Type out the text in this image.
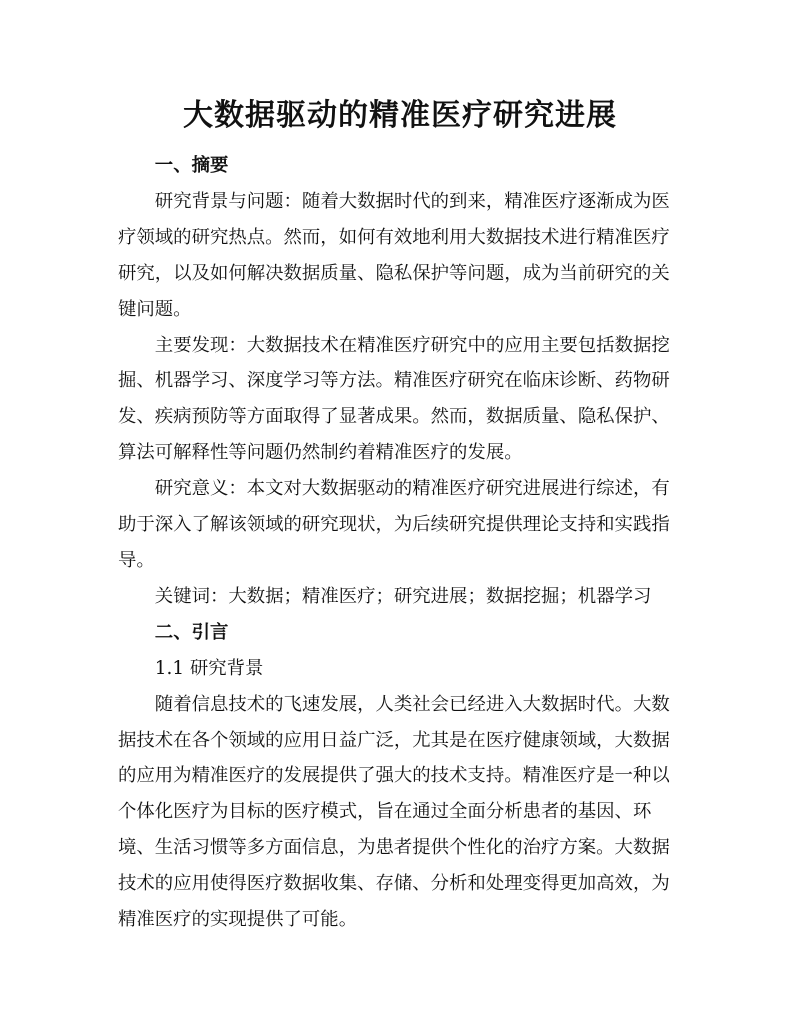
大数据驱动的精准医疗研究进展

一、摘要

研究背景与问题：随着大数据时代的到来，精准医疗逐渐成为医疗领域的研究热点。然而，如何有效地利用大数据技术进行精准医疗研究，以及如何解决数据质量、隐私保护等问题，成为当前研究的关键问题。

主要发现：大数据技术在精准医疗研究中的应用主要包括数据挖掘、机器学习、深度学习等方法。精准医疗研究在临床诊断、药物研发、疾病预防等方面取得了显著成果。然而，数据质量、隐私保护、算法可解释性等问题仍然制约着精准医疗的发展。

研究意义：本文对大数据驱动的精准医疗研究进展进行综述，有助于深入了解该领域的研究现状，为后续研究提供理论支持和实践指导。

关键词：大数据；精准医疗；研究进展；数据挖掘；机器学习

二、引言

1.1 研究背景

随着信息技术的飞速发展，人类社会已经进入大数据时代。大数据技术在各个领域的应用日益广泛，尤其是在医疗健康领域，大数据的应用为精准医疗的发展提供了强大的技术支持。精准医疗是一种以个体化医疗为目标的医疗模式，旨在通过全面分析患者的基因、环境、生活习惯等多方面信息，为患者提供个性化的治疗方案。大数据技术的应用使得医疗数据收集、存储、分析和处理变得更加高效，为精准医疗的实现提供了可能。
